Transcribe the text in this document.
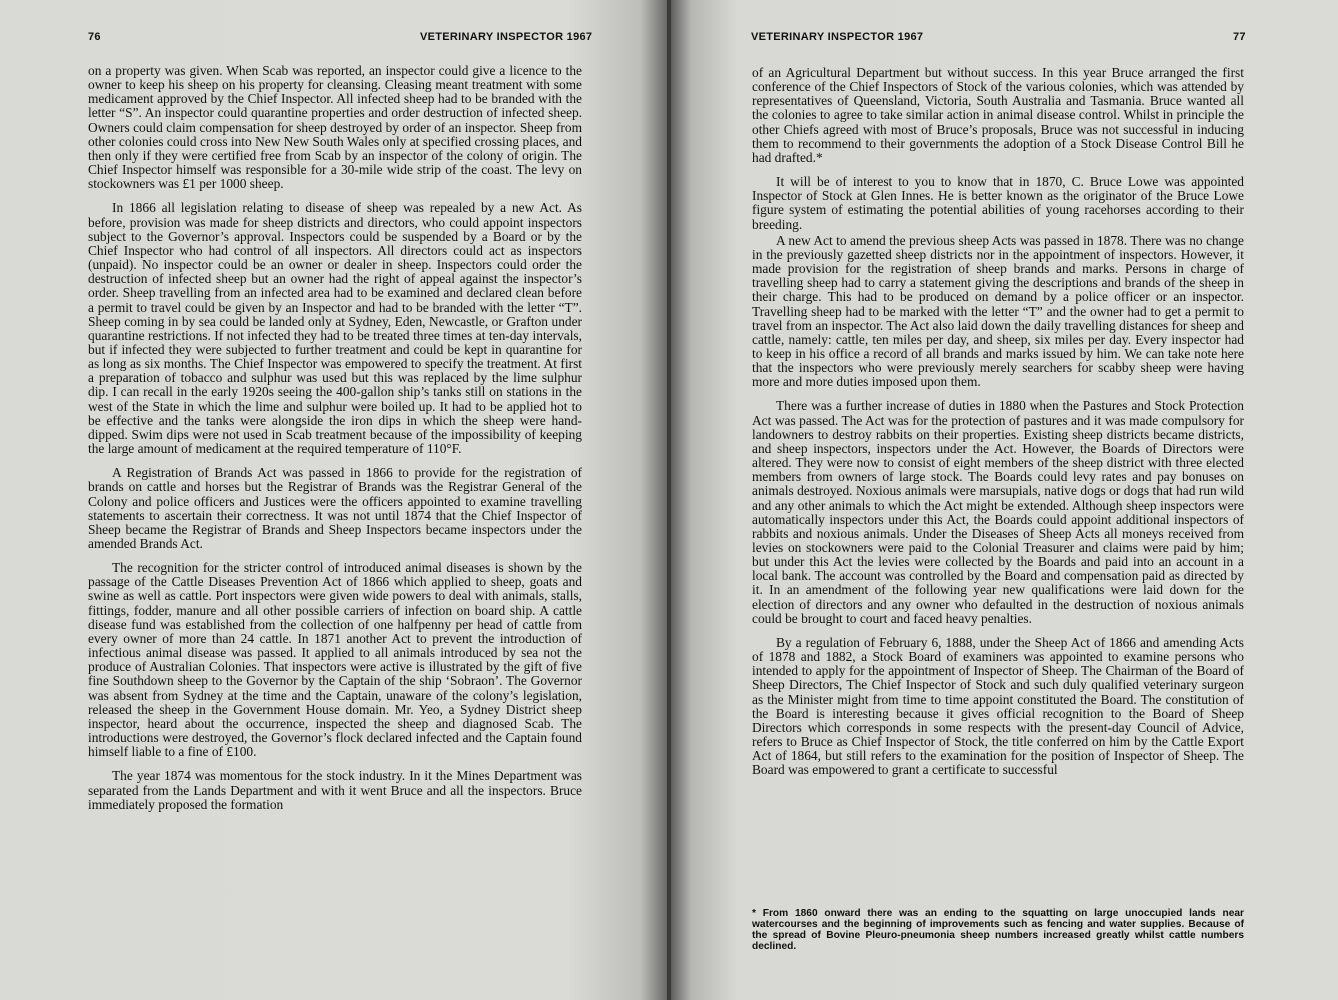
76	VETERINARY INSPECTOR 1967

on a property was given. When Scab was reported, an inspector could give a licence to the owner to keep his sheep on his property for cleansing. Cleasing meant treatment with some medicament approved by the Chief Inspector. All infected sheep had to be branded with the letter “S”. An inspector could quarantine properties and order destruction of infected sheep. Owners could claim compensation for sheep destroyed by order of an inspector. Sheep from other colonies could cross into New New South Wales only at specified crossing places, and then only if they were certified free from Scab by an inspector of the colony of origin. The Chief Inspector himself was responsible for a 30-mile wide strip of the coast. The levy on stockowners was £1 per 1000 sheep.

In 1866 all legislation relating to disease of sheep was repealed by a new Act. As before, provision was made for sheep districts and directors, who could appoint inspectors subject to the Governor’s approval. Inspectors could be suspended by a Board or by the Chief Inspector who had control of all inspectors. All directors could act as inspectors (unpaid). No inspector could be an owner or dealer in sheep. Inspectors could order the destruction of infected sheep but an owner had the right of appeal against the inspector’s order. Sheep travelling from an infected area had to be examined and declared clean before a permit to travel could be given by an Inspector and had to be branded with the letter “T”. Sheep coming in by sea could be landed only at Sydney, Eden, Newcastle, or Grafton under quarantine restrictions. If not infected they had to be treated three times at ten-day intervals, but if infected they were subjected to further treatment and could be kept in quarantine for as long as six months. The Chief Inspector was empowered to specify the treatment. At first a preparation of tobacco and sulphur was used but this was replaced by the lime sulphur dip. I can recall in the early 1920s seeing the 400-gallon ship’s tanks still on stations in the west of the State in which the lime and sulphur were boiled up. It had to be applied hot to be effective and the tanks were alongside the iron dips in which the sheep were hand-dipped. Swim dips were not used in Scab treatment because of the impossibility of keeping the large amount of medicament at the required temperature of 110°F.

A Registration of Brands Act was passed in 1866 to provide for the registration of brands on cattle and horses but the Registrar of Brands was the Registrar General of the Colony and police officers and Justices were the officers appointed to examine travelling statements to ascertain their correctness. It was not until 1874 that the Chief Inspector of Sheep became the Registrar of Brands and Sheep Inspectors became inspectors under the amended Brands Act.

The recognition for the stricter control of introduced animal diseases is shown by the passage of the Cattle Diseases Prevention Act of 1866 which applied to sheep, goats and swine as well as cattle. Port inspectors were given wide powers to deal with animals, stalls, fittings, fodder, manure and all other possible carriers of infection on board ship. A cattle disease fund was established from the collection of one halfpenny per head of cattle from every owner of more than 24 cattle. In 1871 another Act to prevent the introduction of infectious animal disease was passed. It applied to all animals introduced by sea not the produce of Australian Colonies. That inspectors were active is illustrated by the gift of five fine Southdown sheep to the Governor by the Captain of the ship ‘Sobraon’. The Governor was absent from Sydney at the time and the Captain, unaware of the colony’s legislation, released the sheep in the Government House domain. Mr. Yeo, a Sydney District sheep inspector, heard about the occurrence, inspected the sheep and diagnosed Scab. The introductions were destroyed, the Governor’s flock declared infected and the Captain found himself liable to a fine of £100.

The year 1874 was momentous for the stock industry. In it the Mines Department was separated from the Lands Department and with it went Bruce and all the inspectors. Bruce immediately proposed the formation

VETERINARY INSPECTOR 1967	77

of an Agricultural Department but without success. In this year Bruce arranged the first conference of the Chief Inspectors of Stock of the various colonies, which was attended by representatives of Queensland, Victoria, South Australia and Tasmania. Bruce wanted all the colonies to agree to take similar action in animal disease control. Whilst in principle the other Chiefs agreed with most of Bruce’s proposals, Bruce was not successful in inducing them to recommend to their governments the adoption of a Stock Disease Control Bill he had drafted.*

It will be of interest to you to know that in 1870, C. Bruce Lowe was appointed Inspector of Stock at Glen Innes. He is better known as the originator of the Bruce Lowe figure system of estimating the potential abilities of young racehorses according to their breeding.

A new Act to amend the previous sheep Acts was passed in 1878. There was no change in the previously gazetted sheep districts nor in the appointment of inspectors. However, it made provision for the registration of sheep brands and marks. Persons in charge of travelling sheep had to carry a statement giving the descriptions and brands of the sheep in their charge. This had to be produced on demand by a police officer or an inspector. Travelling sheep had to be marked with the letter “T” and the owner had to get a permit to travel from an inspector. The Act also laid down the daily travelling distances for sheep and cattle, namely: cattle, ten miles per day, and sheep, six miles per day. Every inspector had to keep in his office a record of all brands and marks issued by him. We can take note here that the inspectors who were previously merely searchers for scabby sheep were having more and more duties imposed upon them.

There was a further increase of duties in 1880 when the Pastures and Stock Protection Act was passed. The Act was for the protection of pastures and it was made compulsory for landowners to destroy rabbits on their properties. Existing sheep districts became districts, and sheep inspectors, inspectors under the Act. However, the Boards of Directors were altered. They were now to consist of eight members of the sheep district with three elected members from owners of large stock. The Boards could levy rates and pay bonuses on animals destroyed. Noxious animals were marsupials, native dogs or dogs that had run wild and any other animals to which the Act might be extended. Although sheep inspectors were automatically inspectors under this Act, the Boards could appoint additional inspectors of rabbits and noxious animals. Under the Diseases of Sheep Acts all moneys received from levies on stockowners were paid to the Colonial Treasurer and claims were paid by him; but under this Act the levies were collected by the Boards and paid into an account in a local bank. The account was controlled by the Board and compensation paid as directed by it. In an amendment of the following year new qualifications were laid down for the election of directors and any owner who defaulted in the destruction of noxious animals could be brought to court and faced heavy penalties.

By a regulation of February 6, 1888, under the Sheep Act of 1866 and amending Acts of 1878 and 1882, a Stock Board of examiners was appointed to examine persons who intended to apply for the appointment of Inspector of Sheep. The Chairman of the Board of Sheep Directors, The Chief Inspector of Stock and such duly qualified veterinary surgeon as the Minister might from time to time appoint constituted the Board. The constitution of the Board is interesting because it gives official recognition to the Board of Sheep Directors which corresponds in some respects with the present-day Council of Advice, refers to Bruce as Chief Inspector of Stock, the title conferred on him by the Cattle Export Act of 1864, but still refers to the examination for the position of Inspector of Sheep. The Board was empowered to grant a certificate to successful

* From 1860 onward there was an ending to the squatting on large unoccupied lands near watercourses and the beginning of improvements such as fencing and water supplies. Because of the spread of Bovine Pleuro-pneumonia sheep numbers increased greatly whilst cattle numbers declined.
